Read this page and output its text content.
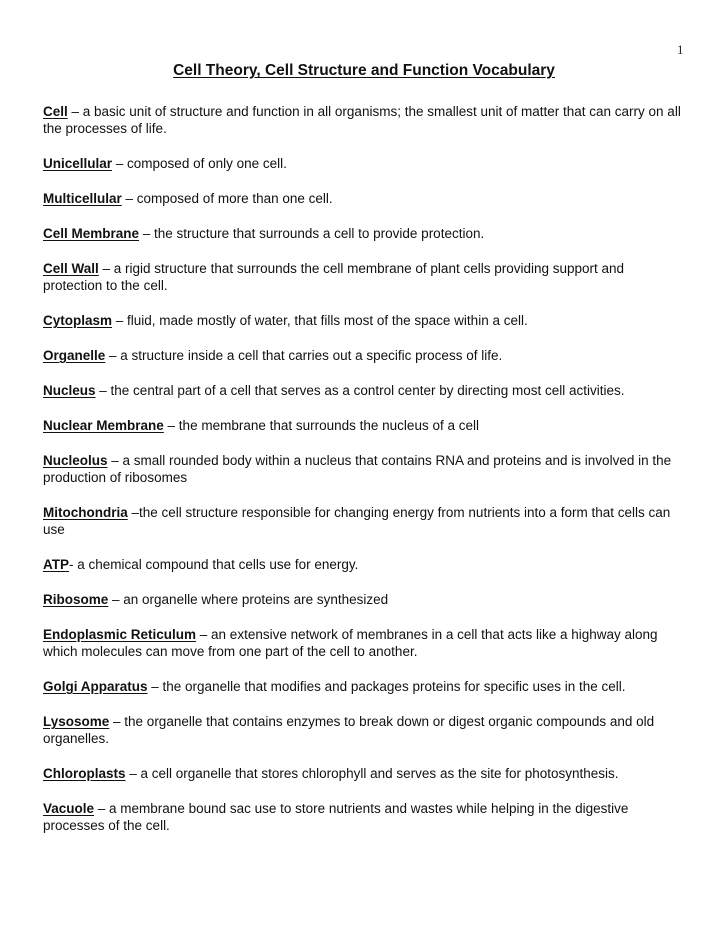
1
Cell Theory, Cell Structure and Function Vocabulary

Cell – a basic unit of structure and function in all organisms; the smallest unit of matter that can carry on all the processes of life.

Unicellular – composed of only one cell.

Multicellular – composed of more than one cell.

Cell Membrane – the structure that surrounds a cell to provide protection.

Cell Wall – a rigid structure that surrounds the cell membrane of plant cells providing support and protection to the cell.

Cytoplasm – fluid, made mostly of water, that fills most of the space within a cell.

Organelle – a structure inside a cell that carries out a specific process of life.

Nucleus – the central part of a cell that serves as a control center by directing most cell activities.

Nuclear Membrane – the membrane that surrounds the nucleus of a cell

Nucleolus – a small rounded body within a nucleus that contains RNA and proteins and is involved in the production of ribosomes

Mitochondria –the cell structure responsible for changing energy from nutrients into a form that cells can use

ATP- a chemical compound that cells use for energy.

Ribosome – an organelle where proteins are synthesized

Endoplasmic Reticulum – an extensive network of membranes in a cell that acts like a highway along which molecules can move from one part of the cell to another.

Golgi Apparatus – the organelle that modifies and packages proteins for specific uses in the cell.

Lysosome – the organelle that contains enzymes to break down or digest organic compounds and old organelles.

Chloroplasts – a cell organelle that stores chlorophyll and serves as the site for photosynthesis.

Vacuole – a membrane bound sac use to store nutrients and wastes while helping in the digestive processes of the cell.
